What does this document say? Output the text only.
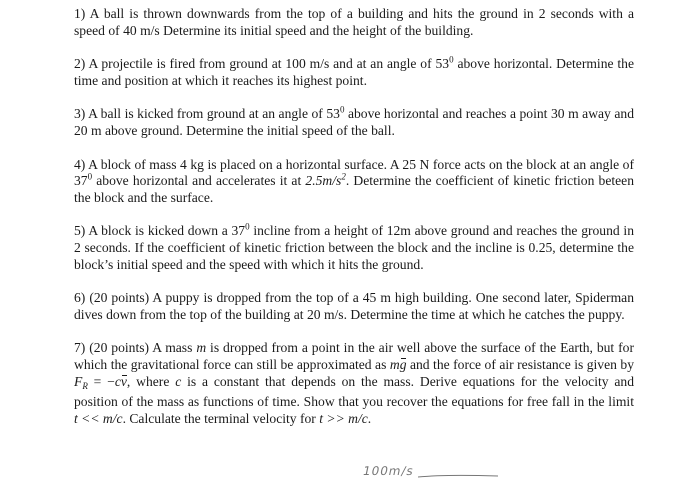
1) A ball is thrown downwards from the top of a building and hits the ground in 2 seconds with a speed of 40 m/s Determine its initial speed and the height of the building.

2) A projectile is fired from ground at 100 m/s and at an angle of $53^0$ above horizontal. Determine the time and position at which it reaches its highest point.

3) A ball is kicked from ground at an angle of $53^0$ above horizontal and reaches a point 30 m away and 20 m above ground. Determine the initial speed of the ball.

4) A block of mass 4 kg is placed on a horizontal surface. A 25 N force acts on the block at an angle of $37^0$ above horizontal and accelerates it at $2.5m/s^2$. Determine the coefficient of kinetic friction beteen the block and the surface.

5) A block is kicked down a $37^0$ incline from a height of 12m above ground and reaches the ground in 2 seconds. If the coefficient of kinetic friction between the block and the incline is 0.25, determine the block’s initial speed and the speed with which it hits the ground.

6) (20 points) A puppy is dropped from the top of a 45 m high building. One second later, Spiderman dives down from the top of the building at 20 m/s. Determine the time at which he catches the puppy.

7) (20 points) A mass m is dropped from a point in the air well above the surface of the Earth, but for which the gravitational force can still be approximated as mg and the force of air resistance is given by $F_R = -cv$, where c is a constant that depends on the mass. Derive equations for the velocity and position of the mass as functions of time. Show that you recover the equations for free fall in the limit t << m/c. Calculate the terminal velocity for t >> m/c.

100m/s
